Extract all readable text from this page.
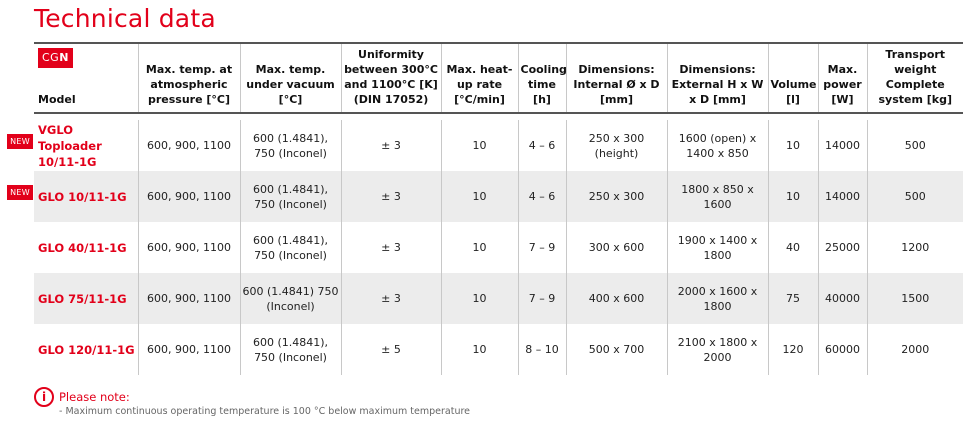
Technical data
CGN
Model	Max. temp. at atmospheric pressure [°C]	Max. temp. under vacuum [°C]	Uniformity between 300°C and 1100°C [K] (DIN 17052)	Max. heat-up rate [°C/min]	Cooling time [h]	Dimensions: Internal Ø x D [mm]	Dimensions: External H x W x D [mm]	Volume [l]	Max. power [W]	Transport weight Complete system [kg]

VGLO Toploader 10/11-1G	600, 900, 1100	600 (1.4841), 750 (Inconel)	± 3	10	4 – 6	250 x 300 (height)	1600 (open) x 1400 x 850	10	14000	500
GLO 10/11-1G	600, 900, 1100	600 (1.4841), 750 (Inconel)	± 3	10	4 – 6	250 x 300	1800 x 850 x 1600	10	14000	500
GLO 40/11-1G	600, 900, 1100	600 (1.4841), 750 (Inconel)	± 3	10	7 – 9	300 x 600	1900 x 1400 x 1800	40	25000	1200
GLO 75/11-1G	600, 900, 1100	600 (1.4841) 750 (Inconel)	± 3	10	7 – 9	400 x 600	2000 x 1600 x 1800	75	40000	1500
GLO 120/11-1G	600, 900, 1100	600 (1.4841), 750 (Inconel)	± 5	10	8 – 10	500 x 700	2100 x 1800 x 2000	120	60000	2000
NEW
NEW
i	Please note:
- Maximum continuous operating temperature is 100 °C below maximum temperature
